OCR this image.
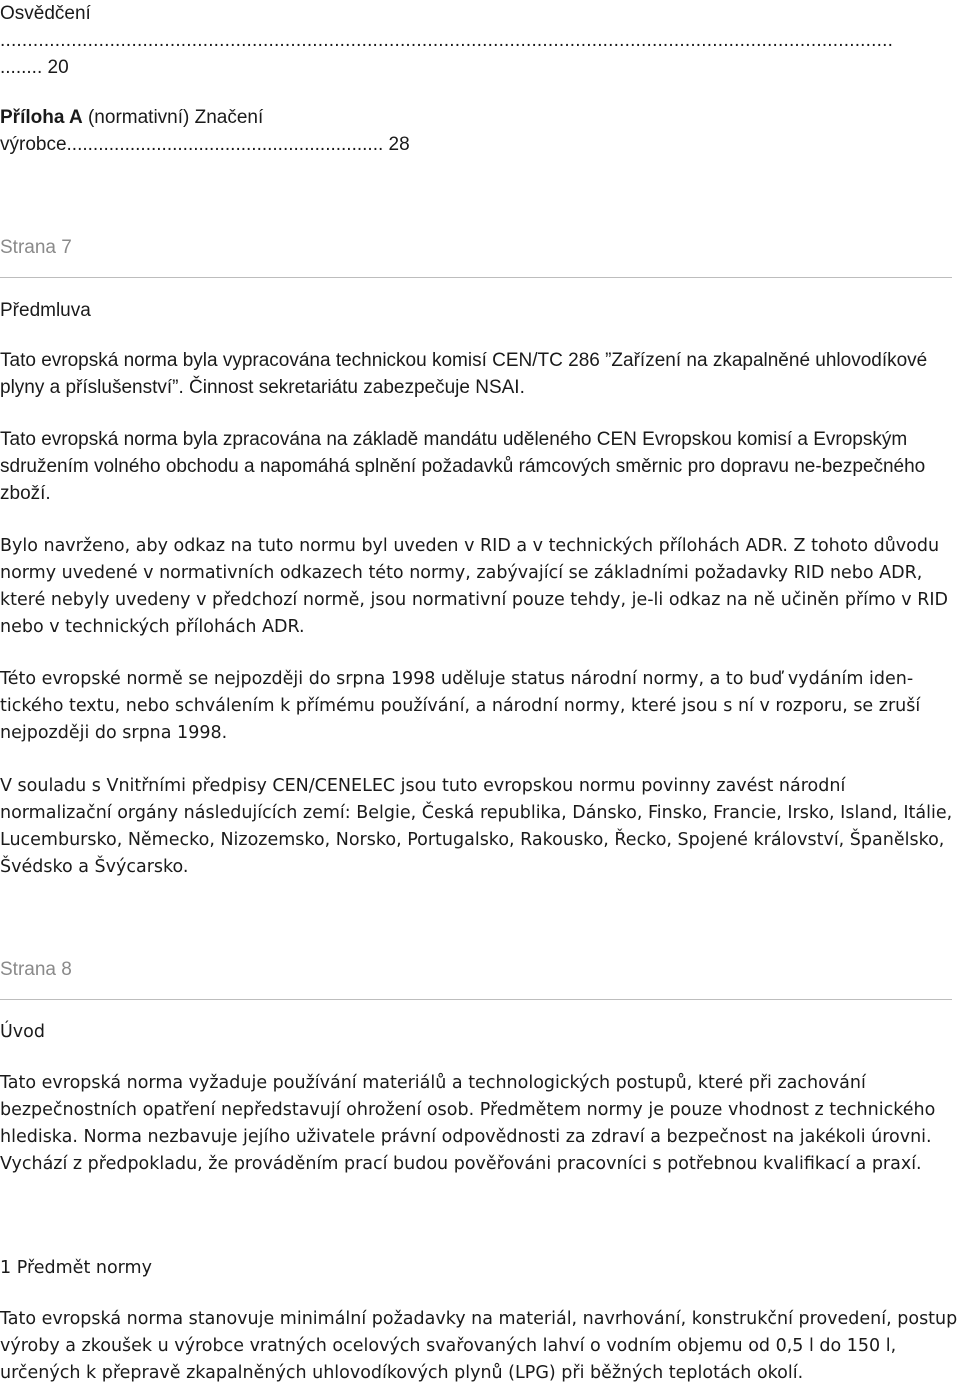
Osvědčení
...................................................................................................................................................................
........ 20
Příloha A (normativní) Značení
výrobce............................................................ 28
Strana 7
Předmluva

Tato evropská norma byla vypracována technickou komisí CEN/TC 286 ”Zařízení na zkapalněné uhlovodíkové plyny a příslušenství”. Činnost sekretariátu zabezpečuje NSAI.

Tato evropská norma byla zpracována na základě mandátu uděleného CEN Evropskou komisí a Evropským sdružením volného obchodu a napomáhá splnění požadavků rámcových směrnic pro dopravu ne-bezpečného zboží.

Bylo navrženo, aby odkaz na tuto normu byl uveden v RID a v technických přílohách ADR. Z tohoto důvodu normy uvedené v normativních odkazech této normy, zabývající se základními požadavky RID nebo ADR, které nebyly uvedeny v předchozí normě, jsou normativní pouze tehdy, je-li odkaz na ně učiněn přímo v RID nebo v technických přílohách ADR.

Této evropské normě se nejpozději do srpna 1998 uděluje status národní normy, a to buď vydáním iden-tického textu, nebo schválením k přímému používání, a národní normy, které jsou s ní v rozporu, se zruší nejpozději do srpna 1998.

V souladu s Vnitřními předpisy CEN/CENELEC jsou tuto evropskou normu povinny zavést národní normalizační orgány následujících zemí: Belgie, Česká republika, Dánsko, Finsko, Francie, Irsko, Island, Itálie, Lucembursko, Německo, Nizozemsko, Norsko, Portugalsko, Rakousko, Řecko, Spojené království, Španělsko, Švédsko a Švýcarsko.

Strana 8
Úvod

Tato evropská norma vyžaduje používání materiálů a technologických postupů, které při zachování bezpečnostních opatření nepředstavují ohrožení osob. Předmětem normy je pouze vhodnost z technického hlediska. Norma nezbavuje jejího uživatele právní odpovědnosti za zdraví a bezpečnost na jakékoli úrovni. Vychází z předpokladu, že prováděním prací budou pověřováni pracovníci s potřebnou kvalifikací a praxí.

1 Předmět normy

Tato evropská norma stanovuje minimální požadavky na materiál, navrhování, konstrukční provedení, postup výroby a zkoušek u výrobce vratných ocelových svařovaných lahví o vodním objemu od 0,5 l do 150 l, určených k přepravě zkapalněných uhlovodíkových plynů (LPG) při běžných teplotách okolí.
